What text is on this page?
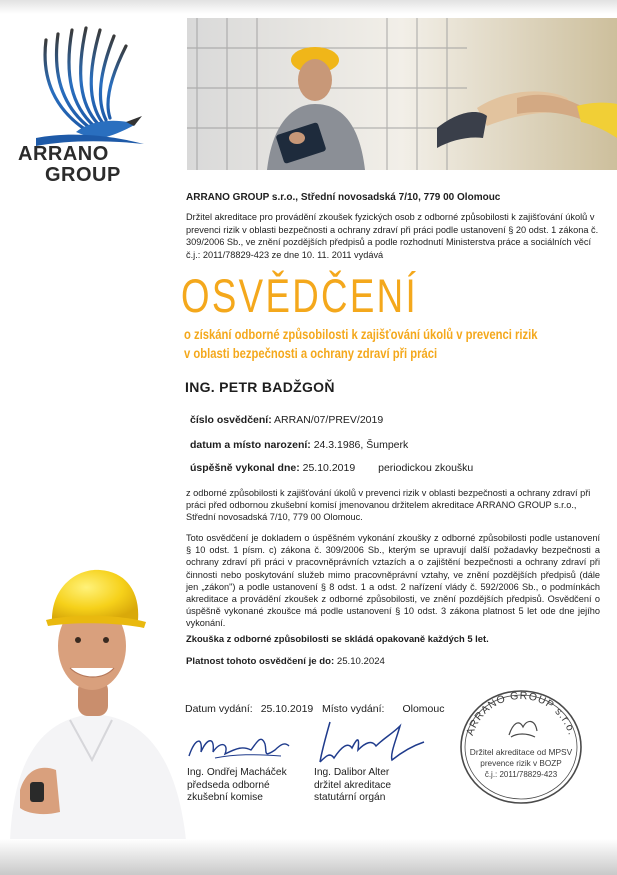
ARRANO
GROUP
ARRANO GROUP s.r.o., Střední novosadská 7/10, 779 00 Olomouc
Držitel akreditace pro provádění zkoušek fyzických osob z odborné způsobilosti k zajišťování úkolů v prevenci rizik v oblasti bezpečnosti a ochrany zdraví při práci podle ustanovení § 20 odst. 1 zákona č. 309/2006 Sb., ve znění pozdějších předpisů a podle rozhodnutí Ministerstva práce a sociálních věcí č.j.: 2011/78829-423 ze dne 10. 11. 2011 vydává
OSVĚDČENÍ
o získání odborné způsobilosti k zajišťování úkolů v prevenci rizik
v oblasti bezpečnosti a ochrany zdraví při práci
ING. PETR BADŽGOŇ
číslo osvědčení: ARRAN/07/PREV/2019
datum a místo narození: 24.3.1986, Šumperk
úspěšně vykonal dne: 25.10.2019 periodickou zkoušku
z odborné způsobilosti k zajišťování úkolů v prevenci rizik v oblasti bezpečnosti a ochrany zdraví při práci před odbornou zkušební komisí jmenovanou držitelem akreditace ARRANO GROUP s.r.o., Střední novosadská 7/10, 779 00 Olomouc.
Toto osvědčení je dokladem o úspěšném vykonání zkoušky z odborné způsobilosti podle ustanovení § 10 odst. 1 písm. c) zákona č. 309/2006 Sb., kterým se upravují další požadavky bezpečnosti a ochrany zdraví při práci v pracovněprávních vztazích a o zajištění bezpečnosti a ochrany zdraví při činnosti nebo poskytování služeb mimo pracovněprávní vztahy, ve znění pozdějších předpisů (dále jen „zákon") a podle ustanovení § 8 odst. 1 a odst. 2 nařízení vlády č. 592/2006 Sb., o podmínkách akreditace a provádění zkoušek z odborné způsobilosti, ve znění pozdějších předpisů. Osvědčení o úspěšně vykonané zkoušce má podle ustanovení § 10 odst. 3 zákona platnost 5 let ode dne jejího vykonání.
Zkouška z odborné způsobilosti se skládá opakovaně každých 5 let.
Platnost tohoto osvědčení je do: 25.10.2024
Datum vydání: 25.10.2019 Místo vydání: Olomouc
Ing. Ondřej Macháček
předseda odborné
zkušební komise
Ing. Dalibor Alter
držitel akreditace
statutární orgán
ARRANO GROUP s.r.o.
Držitel akreditace od MPSV
prevence rizik v BOZP
č.j.: 2011/78829-423
